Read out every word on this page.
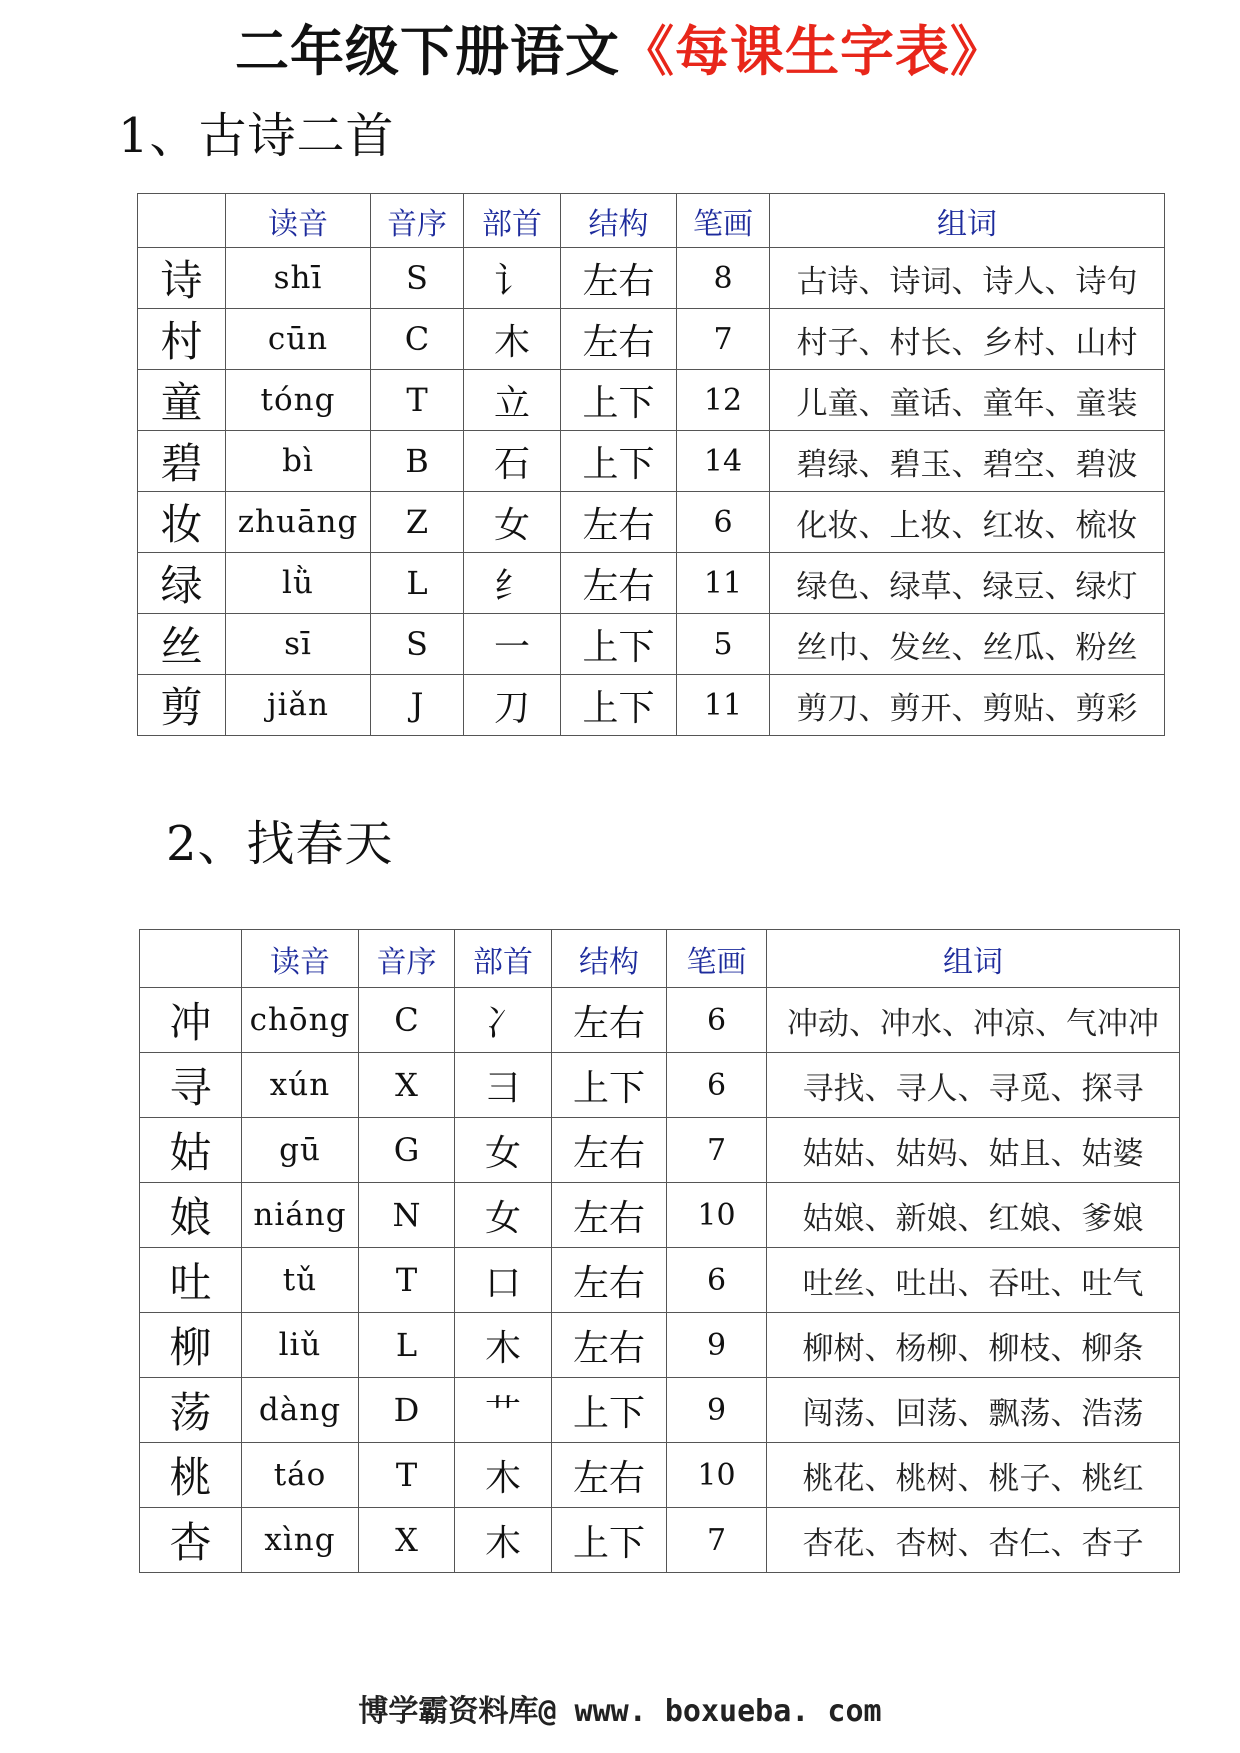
二年级下册语文《每课生字表》
1、古诗二首
	读音	音序	部首	结构	笔画	组词
诗	shī	S	讠	左右	8	古诗、诗词、诗人、诗句
村	cūn	C	木	左右	7	村子、村长、乡村、山村
童	tóng	T	立	上下	12	儿童、童话、童年、童装
碧	bì	B	石	上下	14	碧绿、碧玉、碧空、碧波
妆	zhuāng	Z	女	左右	6	化妆、上妆、红妆、梳妆
绿	lǜ	L	纟	左右	11	绿色、绿草、绿豆、绿灯
丝	sī	S	一	上下	5	丝巾、发丝、丝瓜、粉丝
剪	jiǎn	J	刀	上下	11	剪刀、剪开、剪贴、剪彩
2、找春天
	读音	音序	部首	结构	笔画	组词
冲	chōng	C	冫	左右	6	冲动、冲水、冲凉、气冲冲
寻	xún	X	彐	上下	6	寻找、寻人、寻觅、探寻
姑	gū	G	女	左右	7	姑姑、姑妈、姑且、姑婆
娘	niáng	N	女	左右	10	姑娘、新娘、红娘、爹娘
吐	tǔ	T	口	左右	6	吐丝、吐出、吞吐、吐气
柳	liǔ	L	木	左右	9	柳树、杨柳、柳枝、柳条
荡	dàng	D	艹	上下	9	闯荡、回荡、飘荡、浩荡
桃	táo	T	木	左右	10	桃花、桃树、桃子、桃红
杏	xìng	X	木	上下	7	杏花、杏树、杏仁、杏子
博学霸资料库@ www. boxueba. com
